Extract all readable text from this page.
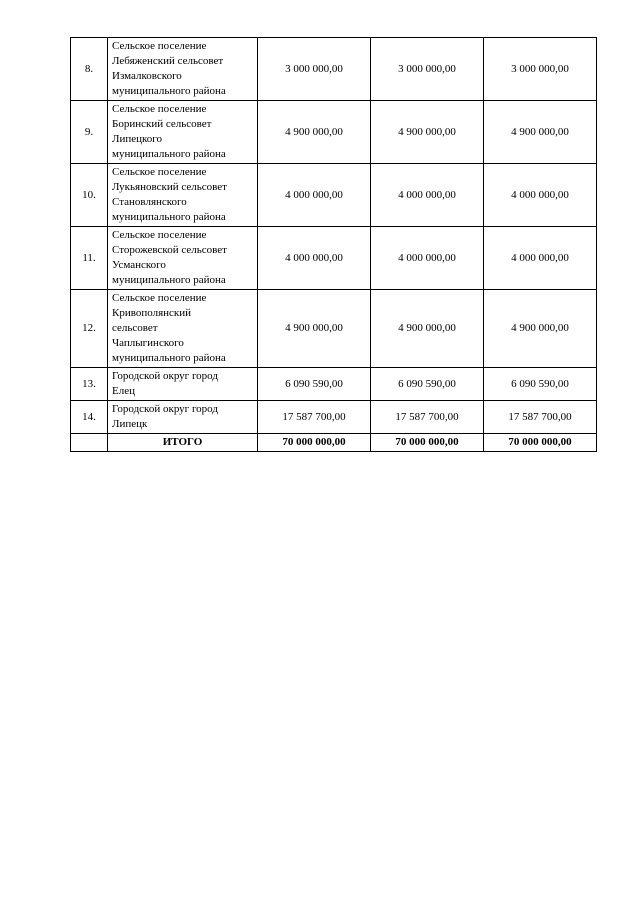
8.	Сельское поселение
Лебяженский сельсовет
Измалковского
муниципального района	3 000 000,00	3 000 000,00	3 000 000,00
9.	Сельское поселение
Боринский сельсовет
Липецкого
муниципального района	4 900 000,00	4 900 000,00	4 900 000,00
10.	Сельское поселение
Лукьяновский сельсовет
Становлянского
муниципального района	4 000 000,00	4 000 000,00	4 000 000,00
11.	Сельское поселение
Сторожевской сельсовет
Усманского
муниципального района	4 000 000,00	4 000 000,00	4 000 000,00
12.	Сельское поселение
Кривополянский
сельсовет
Чаплыгинского
муниципального района	4 900 000,00	4 900 000,00	4 900 000,00
13.	Городской округ город
Елец	6 090 590,00	6 090 590,00	6 090 590,00
14.	Городской округ город
Липецк	17 587 700,00	17 587 700,00	17 587 700,00
	ИТОГО	70 000 000,00	70 000 000,00	70 000 000,00
